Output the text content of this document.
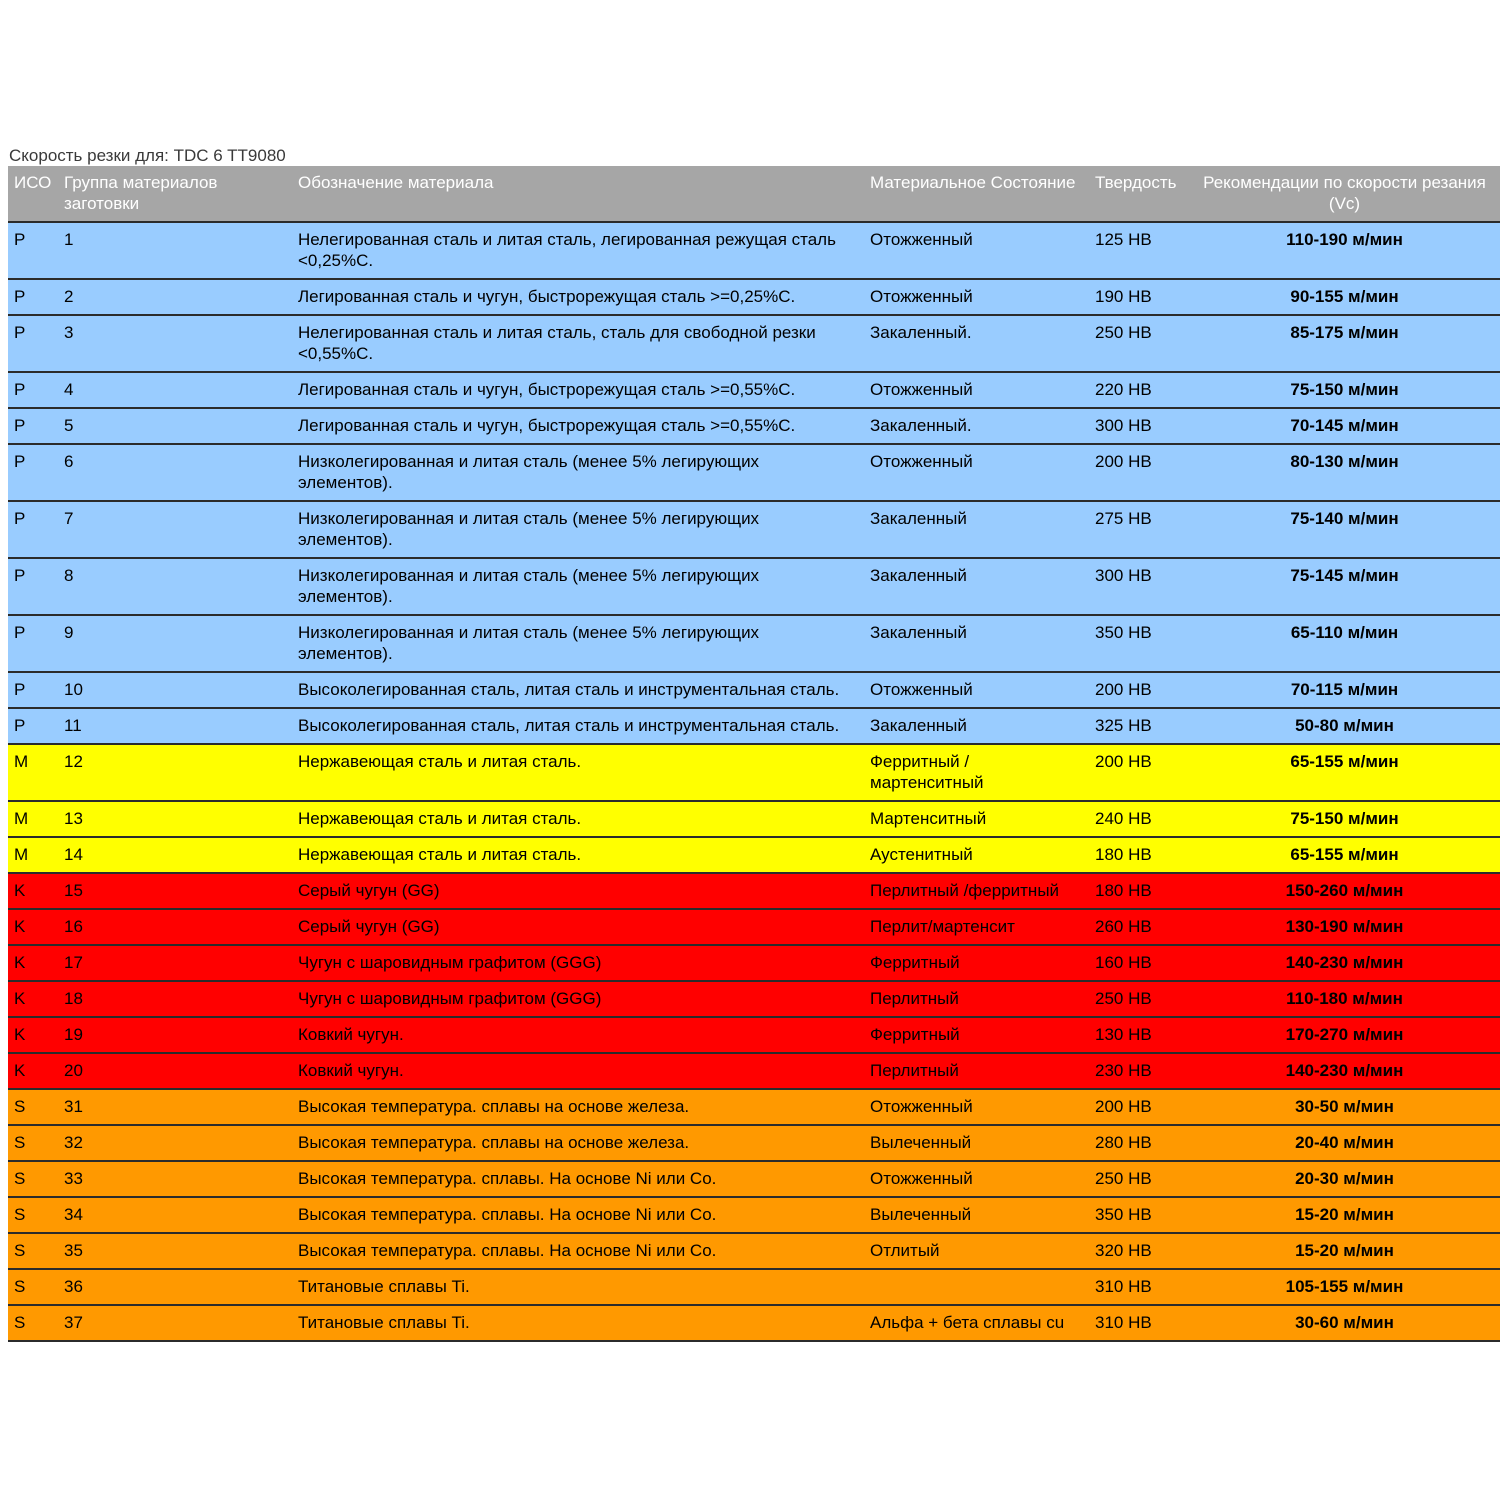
Скорость резки для: TDC 6 TT9080
ИСО	Группа материалов заготовки	Обозначение материала	Материальное Состояние	Твердость	Рекомендации по скорости резания (Vc)
P	1	Нелегированная сталь и литая сталь, легированная режущая сталь <0,25%С.	Отожженный	125 HB	110-190 м/мин
P	2	Легированная сталь и чугун, быстрорежущая сталь >=0,25%С.	Отожженный	190 HB	90-155 м/мин
P	3	Нелегированная сталь и литая сталь, сталь для свободной резки <0,55%С.	Закаленный.	250 HB	85-175 м/мин
P	4	Легированная сталь и чугун, быстрорежущая сталь >=0,55%С.	Отожженный	220 HB	75-150 м/мин
P	5	Легированная сталь и чугун, быстрорежущая сталь >=0,55%С.	Закаленный.	300 HB	70-145 м/мин
P	6	Низколегированная и литая сталь (менее 5% легирующих элементов).	Отожженный	200 HB	80-130 м/мин
P	7	Низколегированная и литая сталь (менее 5% легирующих элементов).	Закаленный	275 HB	75-140 м/мин
P	8	Низколегированная и литая сталь (менее 5% легирующих элементов).	Закаленный	300 HB	75-145 м/мин
P	9	Низколегированная и литая сталь (менее 5% легирующих элементов).	Закаленный	350 HB	65-110 м/мин
P	10	Высоколегированная сталь, литая сталь и инструментальная сталь.	Отожженный	200 HB	70-115 м/мин
P	11	Высоколегированная сталь, литая сталь и инструментальная сталь.	Закаленный	325 HB	50-80 м/мин
M	12	Нержавеющая сталь и литая сталь.	Ферритный / мартенситный	200 HB	65-155 м/мин
M	13	Нержавеющая сталь и литая сталь.	Мартенситный	240 HB	75-150 м/мин
M	14	Нержавеющая сталь и литая сталь.	Аустенитный	180 HB	65-155 м/мин
K	15	Серый чугун (GG)	Перлитный /ферритный	180 HB	150-260 м/мин
K	16	Серый чугун (GG)	Перлит/мартенсит	260 HB	130-190 м/мин
K	17	Чугун с шаровидным графитом (GGG)	Ферритный	160 HB	140-230 м/мин
K	18	Чугун с шаровидным графитом (GGG)	Перлитный	250 HB	110-180 м/мин
K	19	Ковкий чугун.	Ферритный	130 HB	170-270 м/мин
K	20	Ковкий чугун.	Перлитный	230 HB	140-230 м/мин
S	31	Высокая температура. сплавы на основе железа.	Отожженный	200 HB	30-50 м/мин
S	32	Высокая температура. сплавы на основе железа.	Вылеченный	280 HB	20-40 м/мин
S	33	Высокая температура. сплавы. На основе Ni или Co.	Отожженный	250 HB	20-30 м/мин
S	34	Высокая температура. сплавы. На основе Ni или Co.	Вылеченный	350 HB	15-20 м/мин
S	35	Высокая температура. сплавы. На основе Ni или Co.	Отлитый	320 HB	15-20 м/мин
S	36	Титановые сплавы Ti.		310 HB	105-155 м/мин
S	37	Титановые сплавы Ti.	Альфа + бета сплавы cu	310 HB	30-60 м/мин
